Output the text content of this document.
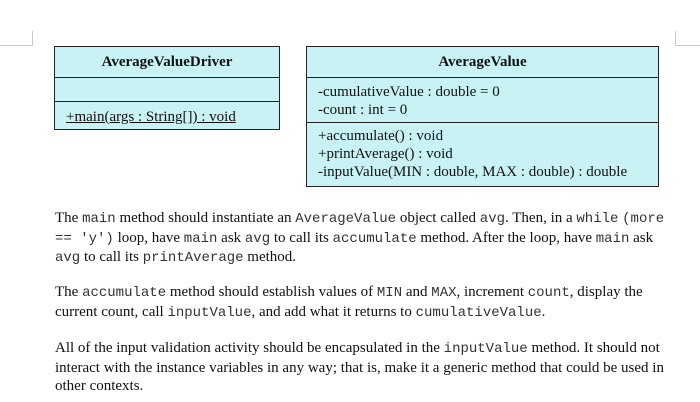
AverageValueDriver
+main(args : String[]) : void
AverageValue
-cumulativeValue : double = 0
-count : int = 0
+accumulate() : void
+printAverage() : void
-inputValue(MIN : double, MAX : double) : double

The main method should instantiate an AverageValue object called avg. Then, in a while (more == 'y') loop, have main ask avg to call its accumulate method. After the loop, have main ask avg to call its printAverage method.

The accumulate method should establish values of MIN and MAX, increment count, display the current count, call inputValue, and add what it returns to cumulativeValue.

All of the input validation activity should be encapsulated in the inputValue method. It should not interact with the instance variables in any way; that is, make it a generic method that could be used in other contexts.
